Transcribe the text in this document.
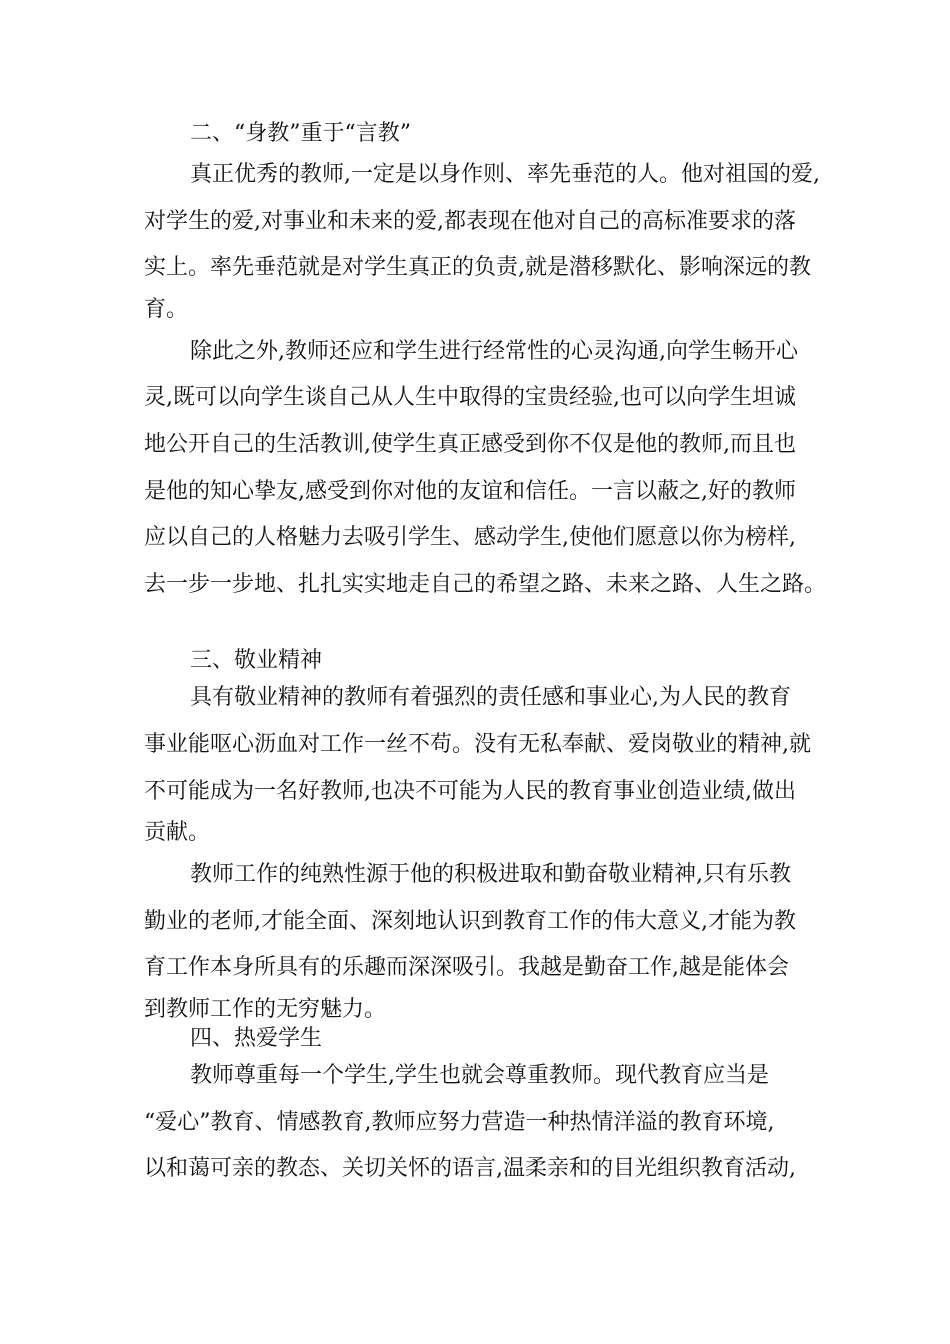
二、“身教”重于“言教”

真正优秀的教师,一定是以身作则、率先垂范的人。他对祖国的爱,

对学生的爱,对事业和未来的爱,都表现在他对自己的高标准要求的落

实上。率先垂范就是对学生真正的负责,就是潜移默化、影响深远的教

育。

除此之外,教师还应和学生进行经常性的心灵沟通,向学生畅开心

灵,既可以向学生谈自己从人生中取得的宝贵经验,也可以向学生坦诚

地公开自己的生活教训,使学生真正感受到你不仅是他的教师,而且也

是他的知心挚友,感受到你对他的友谊和信任。一言以蔽之,好的教师

应以自己的人格魅力去吸引学生、感动学生,使他们愿意以你为榜样,

去一步一步地、扎扎实实地走自己的希望之路、未来之路、人生之路。

三、敬业精神

具有敬业精神的教师有着强烈的责任感和事业心,为人民的教育

事业能呕心沥血对工作一丝不苟。没有无私奉献、爱岗敬业的精神,就

不可能成为一名好教师,也决不可能为人民的教育事业创造业绩,做出

贡献。

教师工作的纯熟性源于他的积极进取和勤奋敬业精神,只有乐教

勤业的老师,才能全面、深刻地认识到教育工作的伟大意义,才能为教

育工作本身所具有的乐趣而深深吸引。我越是勤奋工作,越是能体会

到教师工作的无穷魅力。

四、热爱学生

教师尊重每一个学生,学生也就会尊重教师。现代教育应当是

“爱心”教育、情感教育,教师应努力营造一种热情洋溢的教育环境,

以和蔼可亲的教态、关切关怀的语言,温柔亲和的目光组织教育活动,
